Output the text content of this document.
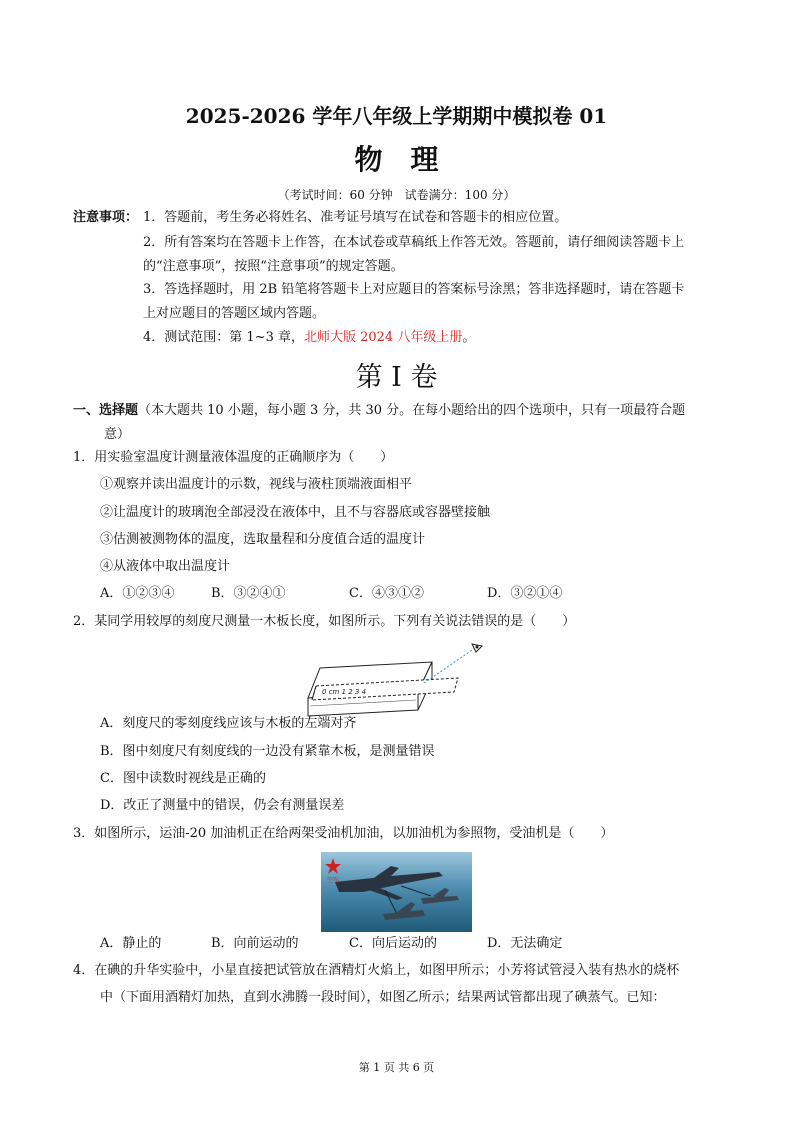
2025-2026 学年八年级上学期期中模拟卷 01
物理
（考试时间：60 分钟　试卷满分：100 分）
注意事项： 1．答题前，考生务必将姓名、准考证号填写在试卷和答题卡的相应位置。
2．所有答案均在答题卡上作答，在本试卷或草稿纸上作答无效。答题前，请仔细阅读答题卡上
的“注意事项”，按照“注意事项”的规定答题。
3．答选择题时，用 2B 铅笔将答题卡上对应题目的答案标号涂黑；答非选择题时，请在答题卡
上对应题目的答题区域内答题。
4．测试范围：第 1~3 章，北师大版 2024 八年级上册。
第 I 卷
一、选择题（本大题共 10 小题，每小题 3 分，共 30 分。在每小题给出的四个选项中，只有一项最符合题
意）
1．用实验室温度计测量液体温度的正确顺序为（　　）
①观察并读出温度计的示数，视线与液柱顶端液面相平
②让温度计的玻璃泡全部浸没在液体中，且不与容器底或容器壁接触
③估测被测物体的温度，选取量程和分度值合适的温度计
④从液体中取出温度计
A．①②③④	B．③②④①	C．④③①②	D．③②①④
2．某同学用较厚的刻度尺测量一木板长度，如图所示。下列有关说法错误的是（　　）
0 cm 1 2 3 4
A．刻度尺的零刻度线应该与木板的左端对齐
B．图中刻度尺有刻度线的一边没有紧靠木板，是测量错误
C．图中读数时视线是正确的
D．改正了测量中的错误，仍会有测量误差
3．如图所示，运油-20 加油机正在给两架受油机加油，以加油机为参照物，受油机是（　　）
空军
A．静止的	B．向前运动的	C．向后运动的	D．无法确定
4．在碘的升华实验中，小星直接把试管放在酒精灯火焰上，如图甲所示；小芳将试管浸入装有热水的烧杯
中（下面用酒精灯加热，直到水沸腾一段时间），如图乙所示；结果两试管都出现了碘蒸气。已知：
第 1 页 共 6 页
